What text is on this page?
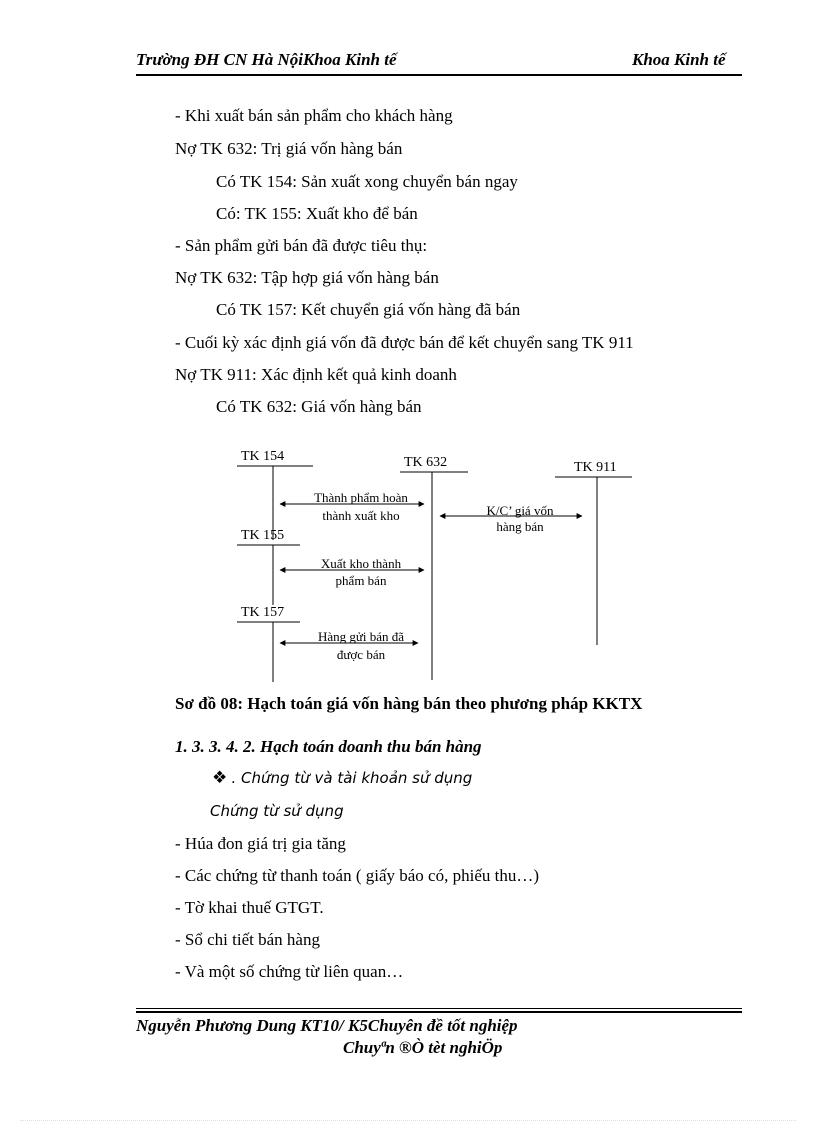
Trường ĐH CN Hà NộiKhoa Kinh tế	Khoa Kinh tế
- Khi xuất bán sản phẩm cho khách hàng
Nợ TK 632: Trị giá vốn hàng bán
Có TK 154: Sản xuất xong chuyển bán ngay
Có: TK 155: Xuất kho để bán
- Sản phẩm gửi bán đã được tiêu thụ:
Nợ TK 632: Tập hợp giá vốn hàng bán
Có TK 157: Kết chuyển giá vốn hàng đã bán
- Cuối kỳ xác định giá vốn đã được bán để kết chuyển sang TK 911
Nợ TK 911: Xác định kết quả kinh doanh
Có TK 632: Giá vốn hàng bán
TK 154
TK 155
TK 157
TK 632	TK 911
Thành phẩm hoàn
thành xuất kho
Xuất kho thành
phẩm bán
Hàng gửi bán đã
được bán
K/C’ giá vốn
hàng bán
Sơ đồ 08: Hạch toán giá vốn hàng bán theo phương pháp KKTX
1. 3. 3. 4. 2. Hạch toán doanh thu bán hàng
❖ . Chứng từ và tài khoản sử dụng
Chứng từ sử dụng
- Húa đon giá trị gia tăng
- Các chứng từ thanh toán ( giấy báo có, phiếu thu…)
- Tờ khai thuế GTGT.
- Sổ chi tiết bán hàng
- Và một số chứng từ liên quan…
Nguyễn Phương Dung KT10/ K5Chuyên đề tốt nghiệp
Chuyªn ®Ò tèt nghiÖp
